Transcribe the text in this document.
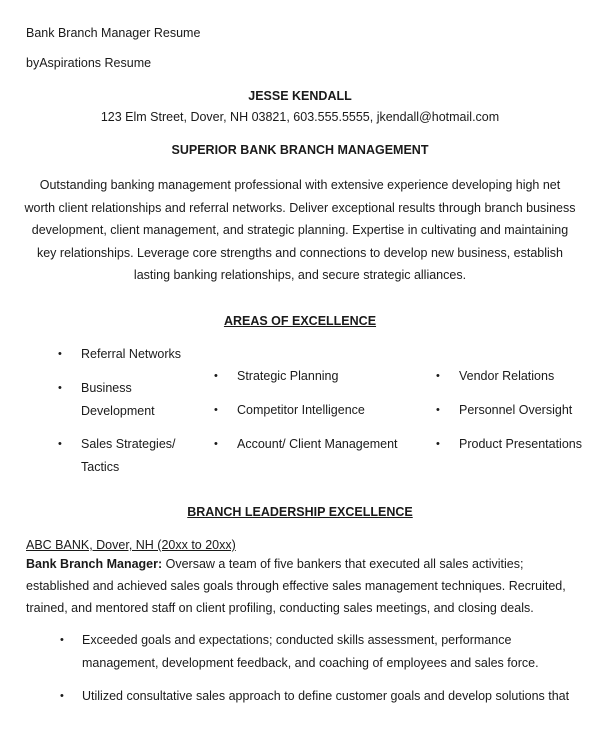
Bank Branch Manager Resume
byAspirations Resume
JESSE KENDALL
123 Elm Street, Dover, NH 03821, 603.555.5555, jkendall@hotmail.com
SUPERIOR BANK BRANCH MANAGEMENT
Outstanding banking management professional with extensive experience developing high net worth client relationships and referral networks. Deliver exceptional results through branch business development, client management, and strategic planning. Expertise in cultivating and maintaining key relationships. Leverage core strengths and connections to develop new business, establish lasting banking relationships, and secure strategic alliances.
AREAS OF EXCELLENCE
• Referral Networks
• Business Development
• Sales Strategies/ Tactics
• Strategic Planning
• Competitor Intelligence
• Account/ Client Management
• Vendor Relations
• Personnel Oversight
• Product Presentations
BRANCH LEADERSHIP EXCELLENCE
ABC BANK, Dover, NH (20xx to 20xx)
Bank Branch Manager: Oversaw a team of five bankers that executed all sales activities; established and achieved sales goals through effective sales management techniques. Recruited, trained, and mentored staff on client profiling, conducting sales meetings, and closing deals.
• Exceeded goals and expectations; conducted skills assessment, performance management, development feedback, and coaching of employees and sales force.
• Utilized consultative sales approach to define customer goals and develop solutions that
